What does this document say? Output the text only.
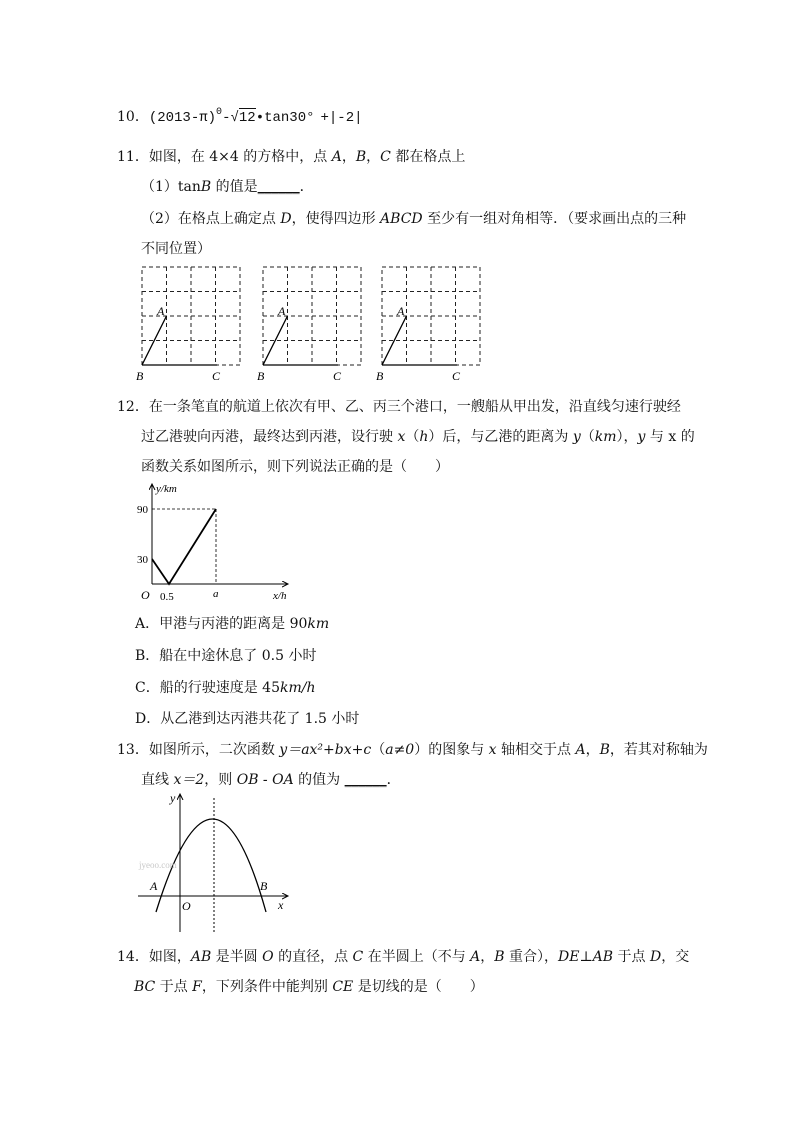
10．$(2013-\pi)^0-√12•\tan 30^\circ +|-2|$
11．如图，在 4×4 的方格中，点 A，B，C 都在格点上
（1）tanB 的值是______．
（2）在格点上确定点 D，使得四边形 ABCD 至少有一组对角相等．（要求画出点的三种
不同位置）
A
B	C
A
B	C
A
B	C
12．在一条笔直的航道上依次有甲、乙、丙三个港口，一艘船从甲出发，沿直线匀速行驶经
过乙港驶向丙港，最终达到丙港，设行驶 x（h）后，与乙港的距离为 y（km），y 与 x 的
函数关系如图所示，则下列说法正确的是（　　）
y/km
90
30
O 0.5	a	x/h
A．甲港与丙港的距离是 90km
B．船在中途休息了 0.5 小时
C．船的行驶速度是 45km/h
D．从乙港到达丙港共花了 1.5 小时
13．如图所示，二次函数 y＝ax²+bx+c（a≠0）的图象与 x 轴相交于点 A，B，若其对称轴为
直线 x＝2，则 OB - OA 的值为 ______．
jyeoo.com
y
x
O
A	B
14．如图，AB 是半圆 O 的直径，点 C 在半圆上（不与 A，B 重合），DE⊥AB 于点 D，交
BC 于点 F，下列条件中能判别 CE 是切线的是（　　）
